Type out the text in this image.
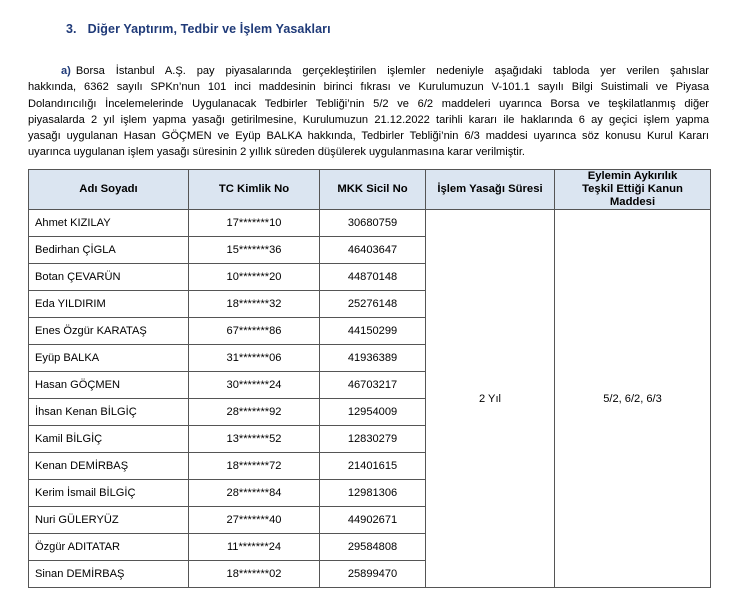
3. Diğer Yaptırım, Tedbir ve İşlem Yasakları
a) Borsa İstanbul A.Ş. pay piyasalarında gerçekleştirilen işlemler nedeniyle aşağıdaki tabloda yer verilen şahıslar
hakkında, 6362 sayılı SPKn’nun 101 inci maddesinin birinci fıkrası ve Kurulumuzun V-101.1 sayılı Bilgi Suistimali ve Piyasa
Dolandırıcılığı İncelemelerinde Uygulanacak Tedbirler Tebliği’nin 5/2 ve 6/2 maddeleri uyarınca Borsa ve teşkilatlanmış diğer
piyasalarda 2 yıl işlem yapma yasağı getirilmesine, Kurulumuzun 21.12.2022 tarihli kararı ile haklarında 6 ay geçici işlem yapma
yasağı uygulanan Hasan GÖÇMEN ve Eyüp BALKA hakkında, Tedbirler Tebliği’nin 6/3 maddesi uyarınca söz konusu Kurul Kararı
uyarınca uygulanan işlem yasağı süresinin 2 yıllık süreden düşülerek uygulanmasına karar verilmiştir.
Adı Soyadı	TC Kimlik No	MKK Sicil No	İşlem Yasağı Süresi	Eylemin Aykırılık Teşkil Ettiği Kanun Maddesi
Ahmet KIZILAY	17*******10	30680759	2 Yıl	5/2, 6/2, 6/3
Bedirhan ÇİGLA	15*******36	46403647		
Botan ÇEVARÜN	10*******20	44870148		
Eda YILDIRIM	18*******32	25276148		
Enes Özgür KARATAŞ	67*******86	44150299		
Eyüp BALKA	31*******06	41936389		
Hasan GÖÇMEN	30*******24	46703217		
İhsan Kenan BİLGİÇ	28*******92	12954009		
Kamil BİLGİÇ	13*******52	12830279		
Kenan DEMİRBAŞ	18*******72	21401615		
Kerim İsmail BİLGİÇ	28*******84	12981306		
Nuri GÜLERYÜZ	27*******40	44902671		
Özgür ADITATAR	11*******24	29584808		
Sinan DEMİRBAŞ	18*******02	25899470		
